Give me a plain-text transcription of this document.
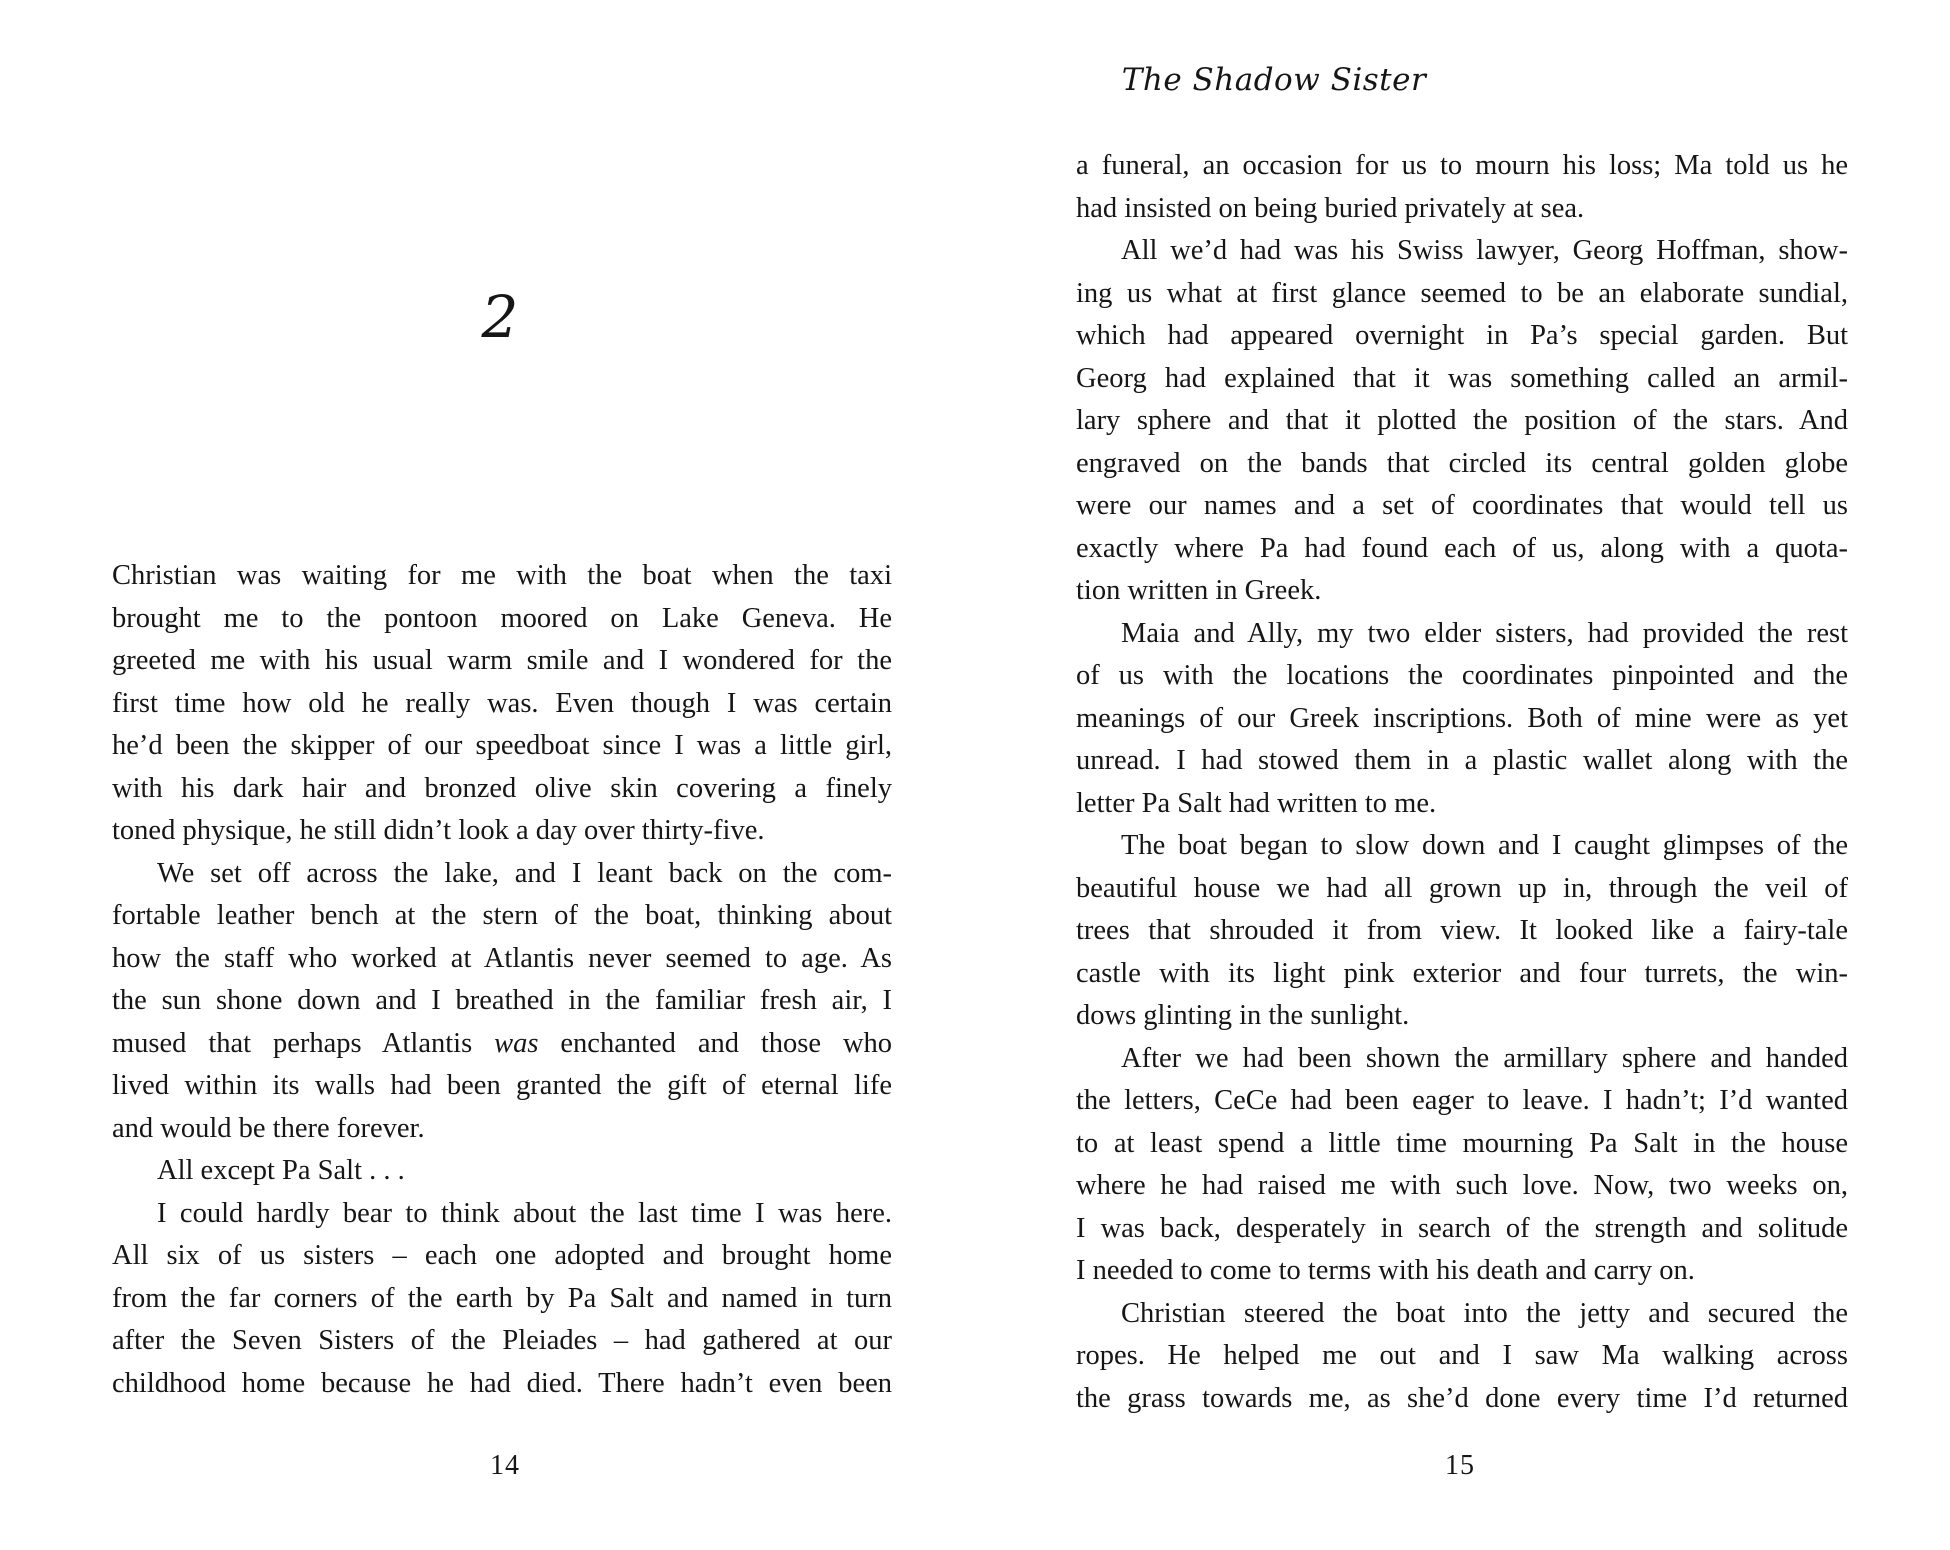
2

Christian was waiting for me with the boat when the taxi

brought me to the pontoon moored on Lake Geneva. He

greeted me with his usual warm smile and I wondered for the

first time how old he really was. Even though I was certain

he’d been the skipper of our speedboat since I was a little girl,

with his dark hair and bronzed olive skin covering a finely

toned physique, he still didn’t look a day over thirty-five.

We set off across the lake, and I leant back on the com-

fortable leather bench at the stern of the boat, thinking about

how the staff who worked at Atlantis never seemed to age. As

the sun shone down and I breathed in the familiar fresh air, I

mused that perhaps Atlantis was enchanted and those who

lived within its walls had been granted the gift of eternal life

and would be there forever.

All except Pa Salt . . .

I could hardly bear to think about the last time I was here.

All six of us sisters – each one adopted and brought home

from the far corners of the earth by Pa Salt and named in turn

after the Seven Sisters of the Pleiades – had gathered at our

childhood home because he had died. There hadn’t even been

14
The Shadow Sister

a funeral, an occasion for us to mourn his loss; Ma told us he

had insisted on being buried privately at sea.

All we’d had was his Swiss lawyer, Georg Hoffman, show-

ing us what at first glance seemed to be an elaborate sundial,

which had appeared overnight in Pa’s special garden. But

Georg had explained that it was something called an armil-

lary sphere and that it plotted the position of the stars. And

engraved on the bands that circled its central golden globe

were our names and a set of coordinates that would tell us

exactly where Pa had found each of us, along with a quota-

tion written in Greek.

Maia and Ally, my two elder sisters, had provided the rest

of us with the locations the coordinates pinpointed and the

meanings of our Greek inscriptions. Both of mine were as yet

unread. I had stowed them in a plastic wallet along with the

letter Pa Salt had written to me.

The boat began to slow down and I caught glimpses of the

beautiful house we had all grown up in, through the veil of

trees that shrouded it from view. It looked like a fairy-tale

castle with its light pink exterior and four turrets, the win-

dows glinting in the sunlight.

After we had been shown the armillary sphere and handed

the letters, CeCe had been eager to leave. I hadn’t; I’d wanted

to at least spend a little time mourning Pa Salt in the house

where he had raised me with such love. Now, two weeks on,

I was back, desperately in search of the strength and solitude

I needed to come to terms with his death and carry on.

Christian steered the boat into the jetty and secured the

ropes. He helped me out and I saw Ma walking across

the grass towards me, as she’d done every time I’d returned

15
